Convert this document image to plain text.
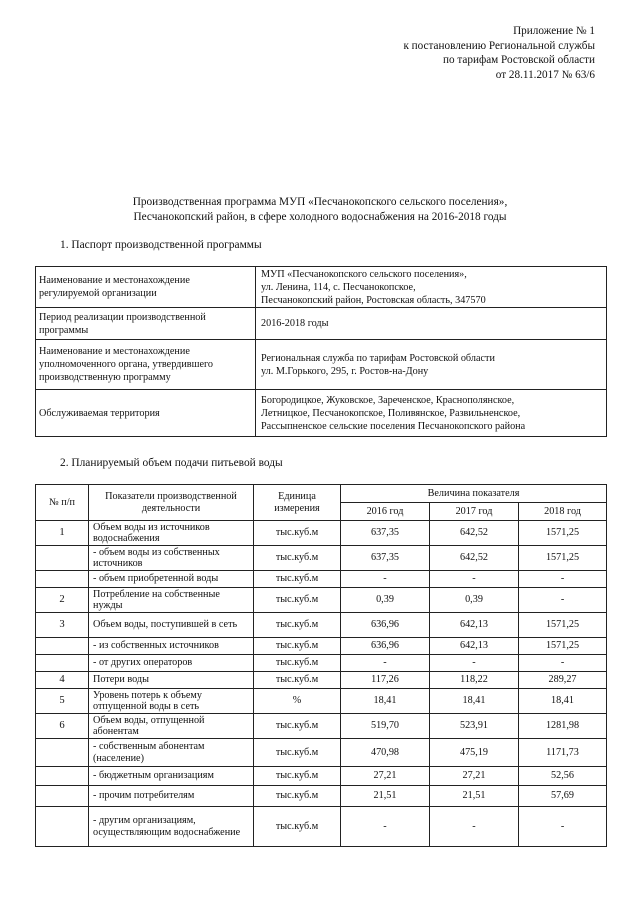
Приложение № 1
к постановлению Региональной службы
по тарифам Ростовской области
от 28.11.2017 № 63/6
Производственная программа МУП «Песчанокопского сельского поселения»,
Песчанокопский район, в сфере холодного водоснабжения на 2016-2018 годы
1. Паспорт производственной программы
Наименование и местонахождение регулируемой организации	МУП «Песчанокопского сельского поселения»,
ул. Ленина, 114, с. Песчанокопское,
Песчанокопский район, Ростовская область, 347570

Период реализации производственной программы	2016-2018 годы

Наименование и местонахождение уполномоченного органа, утвердившего производственную программу	Региональная служба по тарифам Ростовской области
ул. М.Горького, 295, г. Ростов-на-Дону

Обслуживаемая территория	Богородицкое, Жуковское, Зареченское, Краснополянское,
Летницкое, Песчанокопское, Поливянское, Развильненское,
Рассыпненское сельские поселения Песчанокопского района
2. Планируемый объем подачи питьевой воды
№ п/п	Показатели производственной деятельности	Единица измерения	Величина показателя		
			2016 год	2017 год	2018 год
1	Объем воды из источников водоснабжения	тыс.куб.м	637,35	642,52	1571,25
	- объем воды из собственных источников	тыс.куб.м	637,35	642,52	1571,25
	- объем приобретенной воды	тыс.куб.м	-	-	-
2	Потребление на собственные нужды	тыс.куб.м	0,39	0,39	-
3	Объем воды, поступившей в сеть	тыс.куб.м	636,96	642,13	1571,25
	- из собственных источников	тыс.куб.м	636,96	642,13	1571,25
	- от других операторов	тыс.куб.м	-	-	-
4	Потери воды	тыс.куб.м	117,26	118,22	289,27
5	Уровень потерь к объему отпущенной воды в сеть	%	18,41	18,41	18,41
6	Объем воды, отпущенной абонентам	тыс.куб.м	519,70	523,91	1281,98
	- собственным абонентам (население)	тыс.куб.м	470,98	475,19	1171,73
	- бюджетным организациям	тыс.куб.м	27,21	27,21	52,56
	- прочим потребителям	тыс.куб.м	21,51	21,51	57,69
	- другим организациям, осуществляющим водоснабжение	тыс.куб.м	-	-	-
